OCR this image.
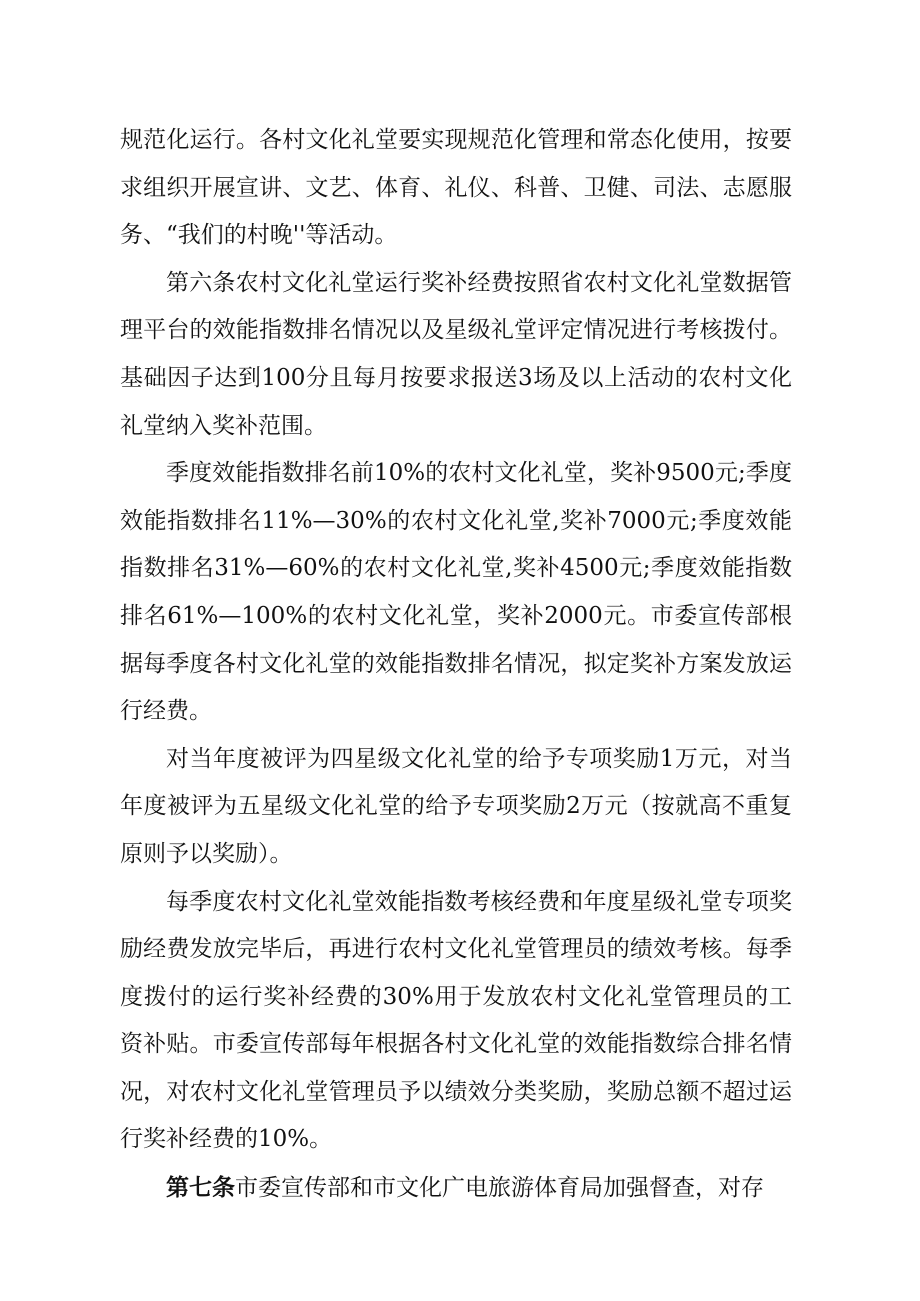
规范化运行。各村文化礼堂要实现规范化管理和常态化使用，按要求组织开展宣讲、文艺、体育、礼仪、科普、卫健、司法、志愿服务、“我们的村晚''等活动。

第六条农村文化礼堂运行奖补经费按照省农村文化礼堂数据管理平台的效能指数排名情况以及星级礼堂评定情况进行考核拨付。基础因子达到100分且每月按要求报送3场及以上活动的农村文化礼堂纳入奖补范围。

季度效能指数排名前10%的农村文化礼堂，奖补9500元;季度效能指数排名11%—30%的农村文化礼堂,奖补7000元;季度效能指数排名31%—60%的农村文化礼堂,奖补4500元;季度效能指数排名61%—100%的农村文化礼堂，奖补2000元。市委宣传部根据每季度各村文化礼堂的效能指数排名情况，拟定奖补方案发放运行经费。

对当年度被评为四星级文化礼堂的给予专项奖励1万元，对当年度被评为五星级文化礼堂的给予专项奖励2万元（按就高不重复原则予以奖励）。

每季度农村文化礼堂效能指数考核经费和年度星级礼堂专项奖励经费发放完毕后，再进行农村文化礼堂管理员的绩效考核。每季度拨付的运行奖补经费的30%用于发放农村文化礼堂管理员的工资补贴。市委宣传部每年根据各村文化礼堂的效能指数综合排名情况，对农村文化礼堂管理员予以绩效分类奖励，奖励总额不超过运行奖补经费的10%。

第七条市委宣传部和市文化广电旅游体育局加强督查，对存
